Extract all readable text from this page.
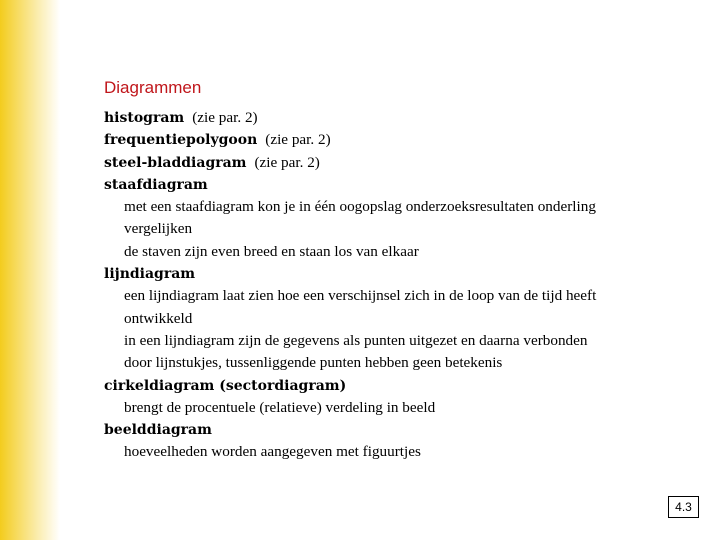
Diagrammen
histogram (zie par. 2)
frequentiepolygoon (zie par. 2)
steel-bladdiagram (zie par. 2)
staafdiagram
met een staafdiagram kon je in één oogopslag onderzoeksresultaten onderling
vergelijken
de staven zijn even breed en staan los van elkaar
lijndiagram
een lijndiagram laat zien hoe een verschijnsel zich in de loop van de tijd heeft
ontwikkeld
in een lijndiagram zijn de gegevens als punten uitgezet en daarna verbonden
door lijnstukjes, tussenliggende punten hebben geen betekenis
cirkeldiagram (sectordiagram)
brengt de procentuele (relatieve) verdeling in beeld
beelddiagram
hoeveelheden worden aangegeven met figuurtjes
4.3
